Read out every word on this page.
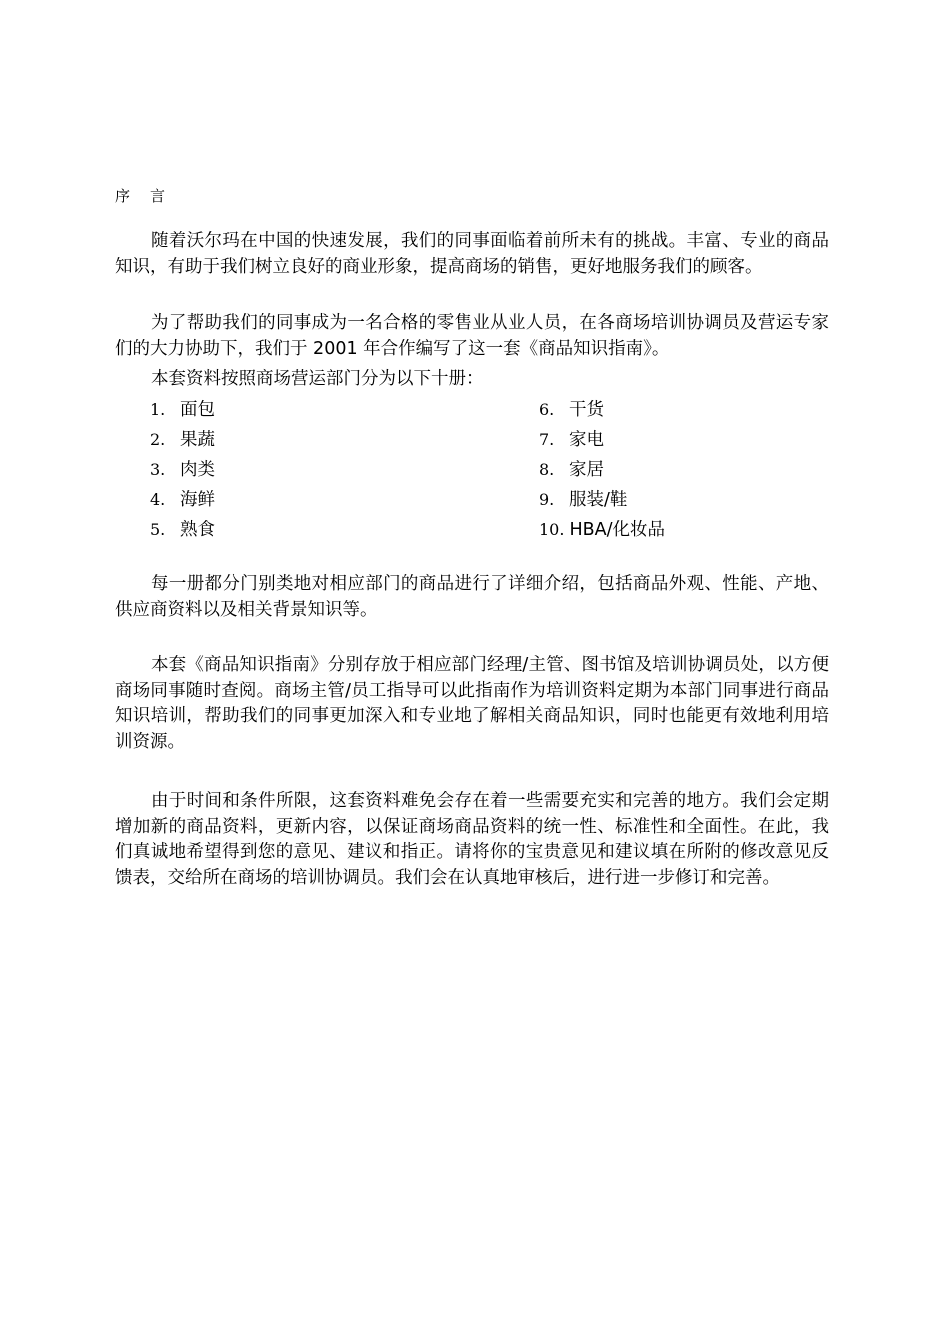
序 言

随着沃尔玛在中国的快速发展，我们的同事面临着前所未有的挑战。丰富、专业的商品知识，有助于我们树立良好的商业形象，提高商场的销售，更好地服务我们的顾客。

为了帮助我们的同事成为一名合格的零售业从业人员，在各商场培训协调员及营运专家们的大力协助下，我们于 2001 年合作编写了这一套《商品知识指南》。

本套资料按照商场营运部门分为以下十册：

1. 面包
2. 果蔬
3. 肉类
4. 海鲜
5. 熟食
6. 干货
7. 家电
8. 家居
9. 服装/鞋
10. HBA/化妆品

每一册都分门别类地对相应部门的商品进行了详细介绍，包括商品外观、性能、产地、供应商资料以及相关背景知识等。

本套《商品知识指南》分别存放于相应部门经理/主管、图书馆及培训协调员处，以方便商场同事随时查阅。商场主管/员工指导可以此指南作为培训资料定期为本部门同事进行商品知识培训，帮助我们的同事更加深入和专业地了解相关商品知识，同时也能更有效地利用培训资源。

由于时间和条件所限，这套资料难免会存在着一些需要充实和完善的地方。我们会定期增加新的商品资料，更新内容，以保证商场商品资料的统一性、标准性和全面性。在此，我们真诚地希望得到您的意见、建议和指正。请将你的宝贵意见和建议填在所附的修改意见反馈表，交给所在商场的培训协调员。我们会在认真地审核后，进行进一步修订和完善。
